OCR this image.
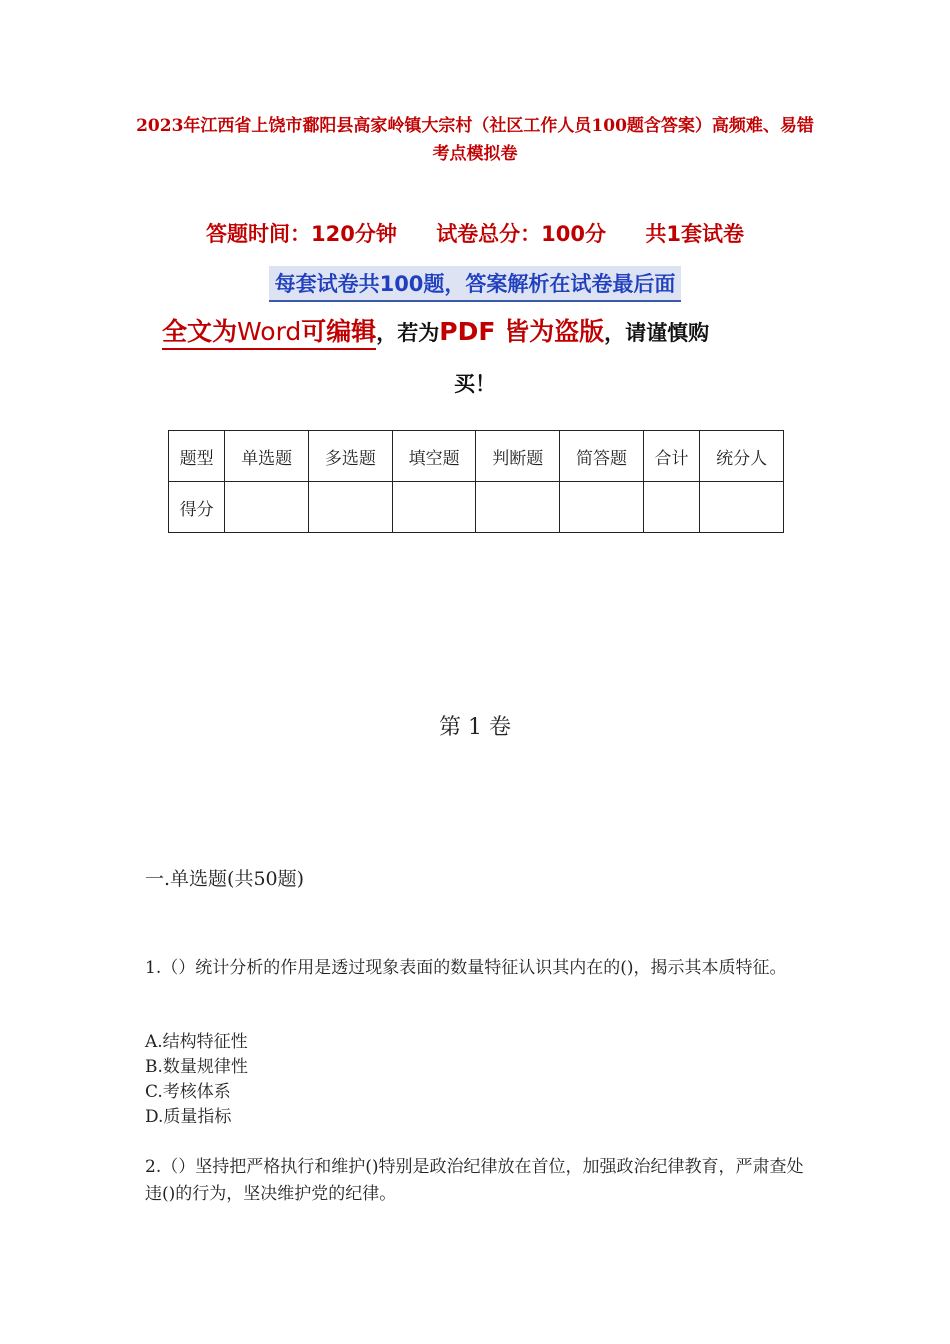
2023年江西省上饶市鄱阳县高家岭镇大宗村（社区工作人员100题含答案）高频难、易错考点模拟卷
答题时间：120分钟 试卷总分：100分 共1套试卷
每套试卷共100题，答案解析在试卷最后面
全文为Word可编辑，若为PDF 皆为盗版，请谨慎购
买！
题型	单选题	多选题	填空题	判断题	简答题	合计	统分人
得分							
第 1 卷
一.单选题(共50题)
1.（）统计分析的作用是透过现象表面的数量特征认识其内在的()，揭示其本质特征。
A.结构特征性
B.数量规律性
C.考核体系
D.质量指标
2.（）坚持把严格执行和维护()特别是政治纪律放在首位，加强政治纪律教育，严肃查处违()的行为，坚决维护党的纪律。
